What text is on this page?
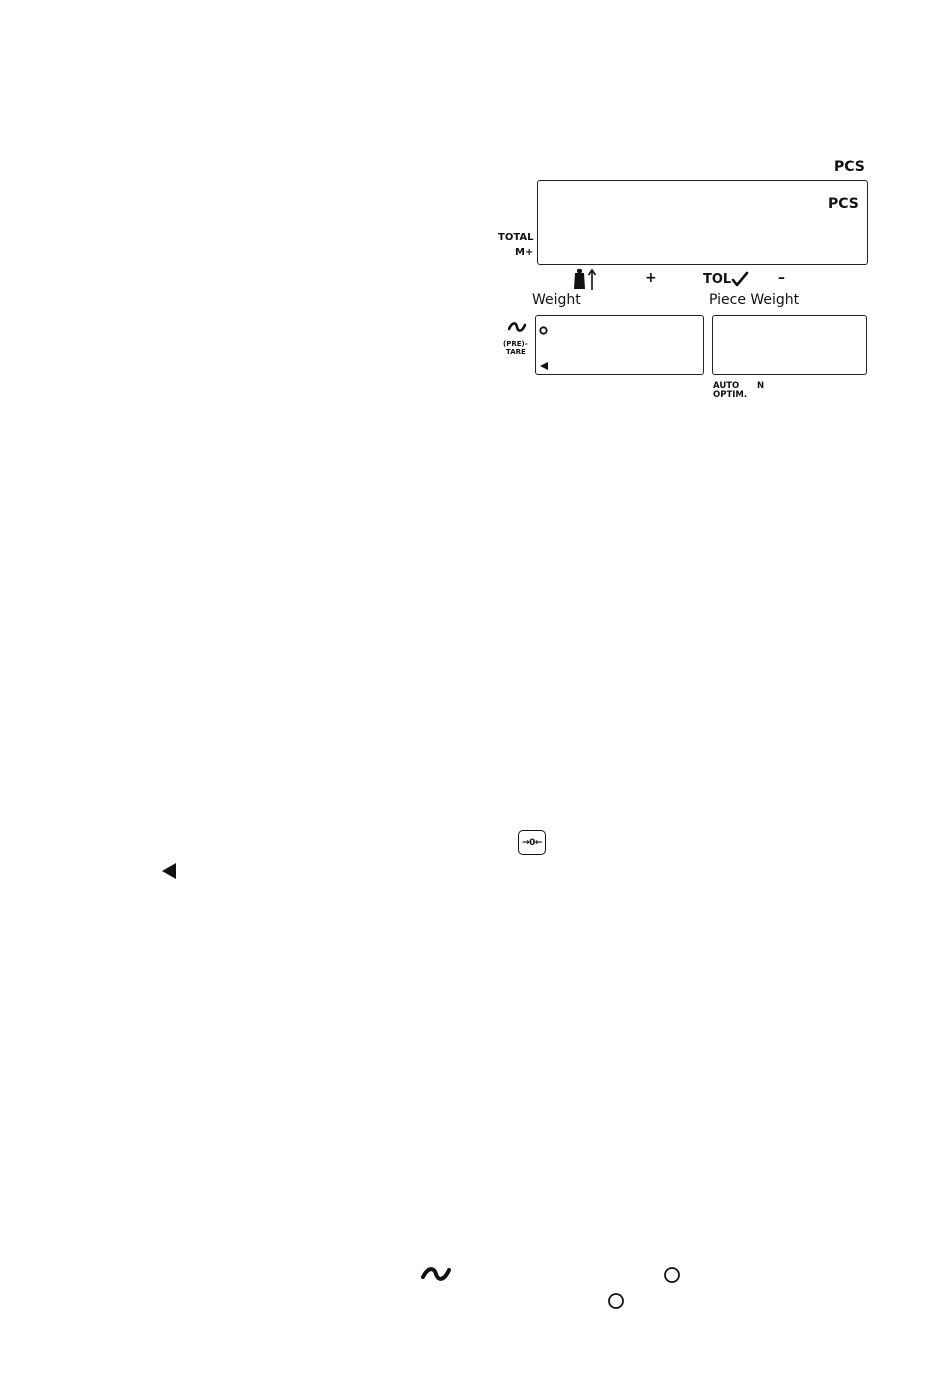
PCS
PCS
TOTAL
M+
+	TOL	–
Weight	Piece Weight
(PRE)-
TARE
AUTO
OPTIM.
N
→0←
